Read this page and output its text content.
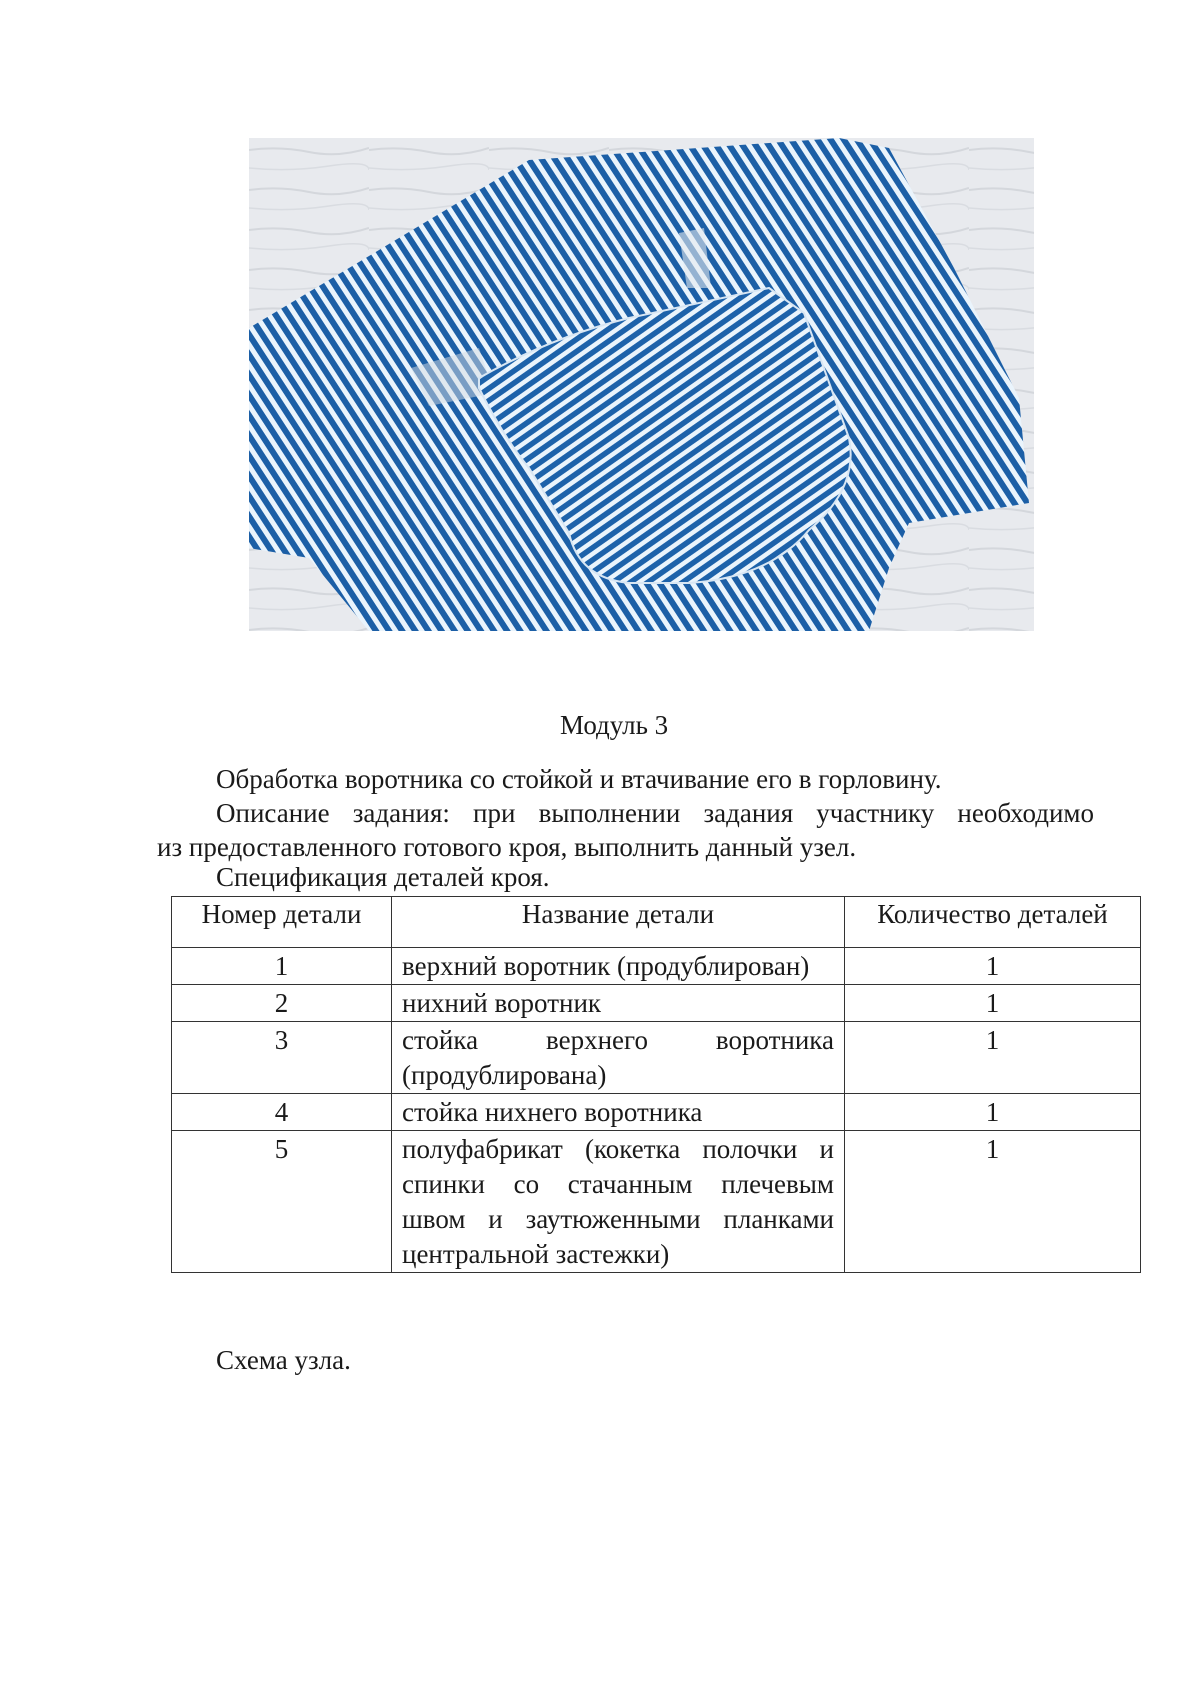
Модуль 3
Обработка воротника со стойкой и втачивание его в горловину.
Описание задания: при выполнении задания участнику необходимо
из предоставленного готового кроя, выполнить данный узел.
Спецификация деталей кроя.
Номер детали	Название детали	Количество деталей
1	верхний воротник (продублирован)	1
2	нихний воротник	1
3	стойка верхнего воротника (продублирована)	1
4	стойка нихнего воротника	1
5	полуфабрикат (кокетка полочки и спинки со стачанным плечевым швом и заутюженными планками центральной застежки)	1
Схема узла.
